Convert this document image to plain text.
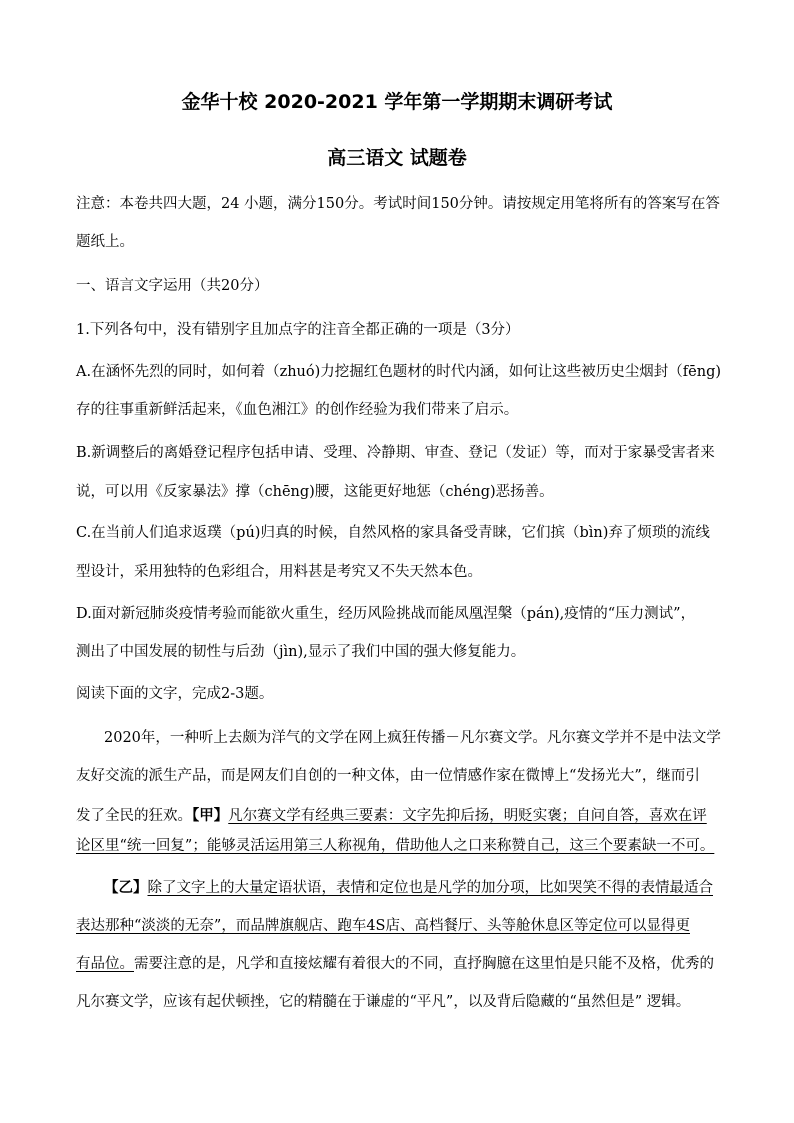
金华十校 2020-2021 学年第一学期期末调研考试
高三语文 试题卷
注意：本卷共四大题，24 小题，满分150分。考试时间150分钟。请按规定用笔将所有的答案写在答
题纸上。
一、语言文字运用（共20分）
1.下列各句中，没有错别字且加点字的注音全都正确的一项是（3分）
A.在涵怀先烈的同时，如何着（zhuó)力挖掘红色题材的时代内涵，如何让这些被历史尘烟封（fēng)
存的往事重新鲜活起来，《血色湘江》的创作经验为我们带来了启示。
B.新调整后的离婚登记程序包括申请、受理、冷静期、审查、登记（发证）等，而对于家暴受害者来
说，可以用《反家暴法》撑（chēng)腰，这能更好地惩（chéng)恶扬善。
C.在当前人们追求返璞（pú)归真的时候，自然风格的家具备受青睐，它们摈（bìn)弃了烦琐的流线
型设计，采用独特的色彩组合，用料甚是考究又不失天然本色。
D.面对新冠肺炎疫情考验而能欲火重生，经历风险挑战而能凤凰涅槃（pán),疫情的“压力测试”，
测出了中国发展的韧性与后劲（jìn),显示了我们中国的强大修复能力。
阅读下面的文字，完成2-3题。
2020年，一种听上去颇为洋气的文学在网上疯狂传播－凡尔赛文学。凡尔赛文学并不是中法文学
友好交流的派生产品，而是网友们自创的一种文体，由一位情感作家在微博上“发扬光大”，继而引
发了全民的狂欢。【甲】凡尔赛文学有经典三要素：文字先抑后扬，明贬实褒；自问自答，喜欢在评
论区里“统一回复”；能够灵活运用第三人称视角，借助他人之口来称赞自己，这三个要素缺一不可。
【乙】除了文字上的大量定语状语，表情和定位也是凡学的加分项，比如哭笑不得的表情最适合
表达那种“淡淡的无奈”，而品牌旗舰店、跑车4S店、高档餐厅、头等舱休息区等定位可以显得更
有品位。需要注意的是，凡学和直接炫耀有着很大的不同，直抒胸臆在这里怕是只能不及格，优秀的
凡尔赛文学，应该有起伏顿挫，它的精髓在于谦虚的“平凡”，以及背后隐藏的“虽然但是” 逻辑。
